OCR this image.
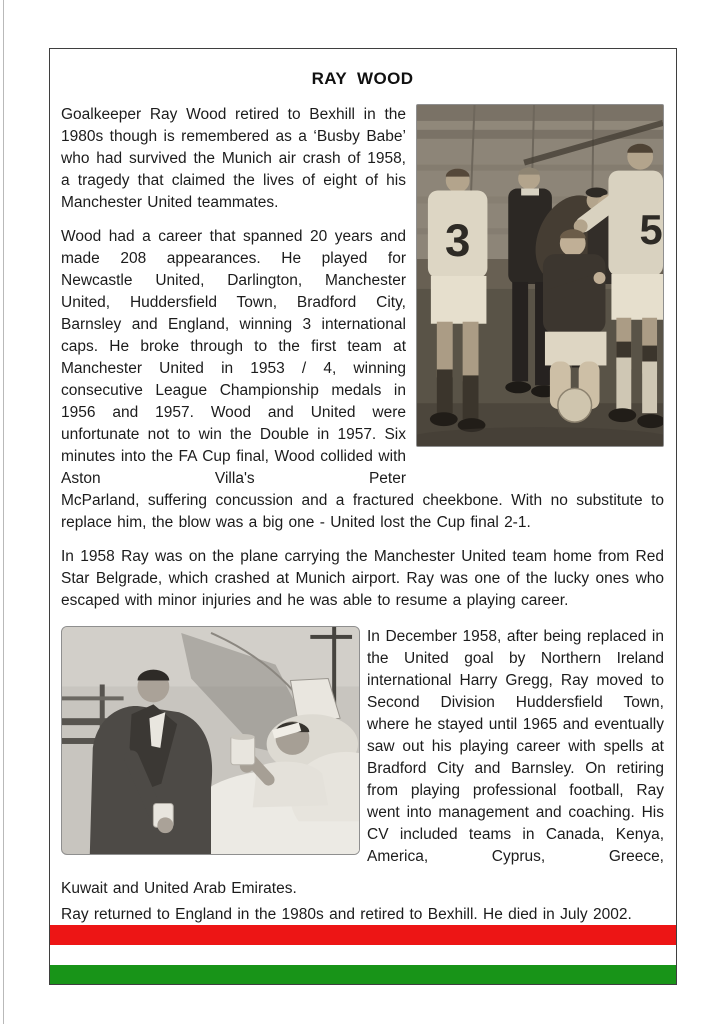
RAY  WOOD

Goalkeeper Ray Wood retired to Bexhill in the 1980s though is remembered as a ‘Busby Babe’ who had survived the Munich air crash of 1958, a tragedy that claimed the lives of eight of his Manchester United teammates.

Wood had a career that spanned 20 years and made 208 appearances. He played for Newcastle United, Darlington, Manchester United, Huddersfield Town, Bradford City, Barnsley and England, winning 3 international caps. He broke through to the first team at Manchester United in 1953 / 4, winning consecutive League Championship medals in 1956 and 1957. Wood and United were unfortunate not to win the Double in 1957. Six minutes into the FA Cup final, Wood collided with Aston Villa's Peter

3	5

McParland, suffering concussion and a fractured cheekbone. With no substitute to replace him, the blow was a big one - United lost the Cup final 2-1.

In 1958 Ray was on the plane carrying the Manchester United team home from Red Star Belgrade, which crashed at Munich airport. Ray was one of the lucky ones who escaped with minor injuries and he was able to resume a playing career.

In December 1958, after being replaced in the United goal by Northern Ireland international Harry Gregg, Ray moved to Second Division Huddersfield Town, where he stayed until 1965 and eventually saw out his playing career with spells at Bradford City and Barnsley. On retiring from playing professional football, Ray went into management and coaching. His CV included teams in Canada, Kenya, America, Cyprus, Greece,

Kuwait and United Arab Emirates.

Ray returned to England in the 1980s and retired to Bexhill. He died in July 2002.
